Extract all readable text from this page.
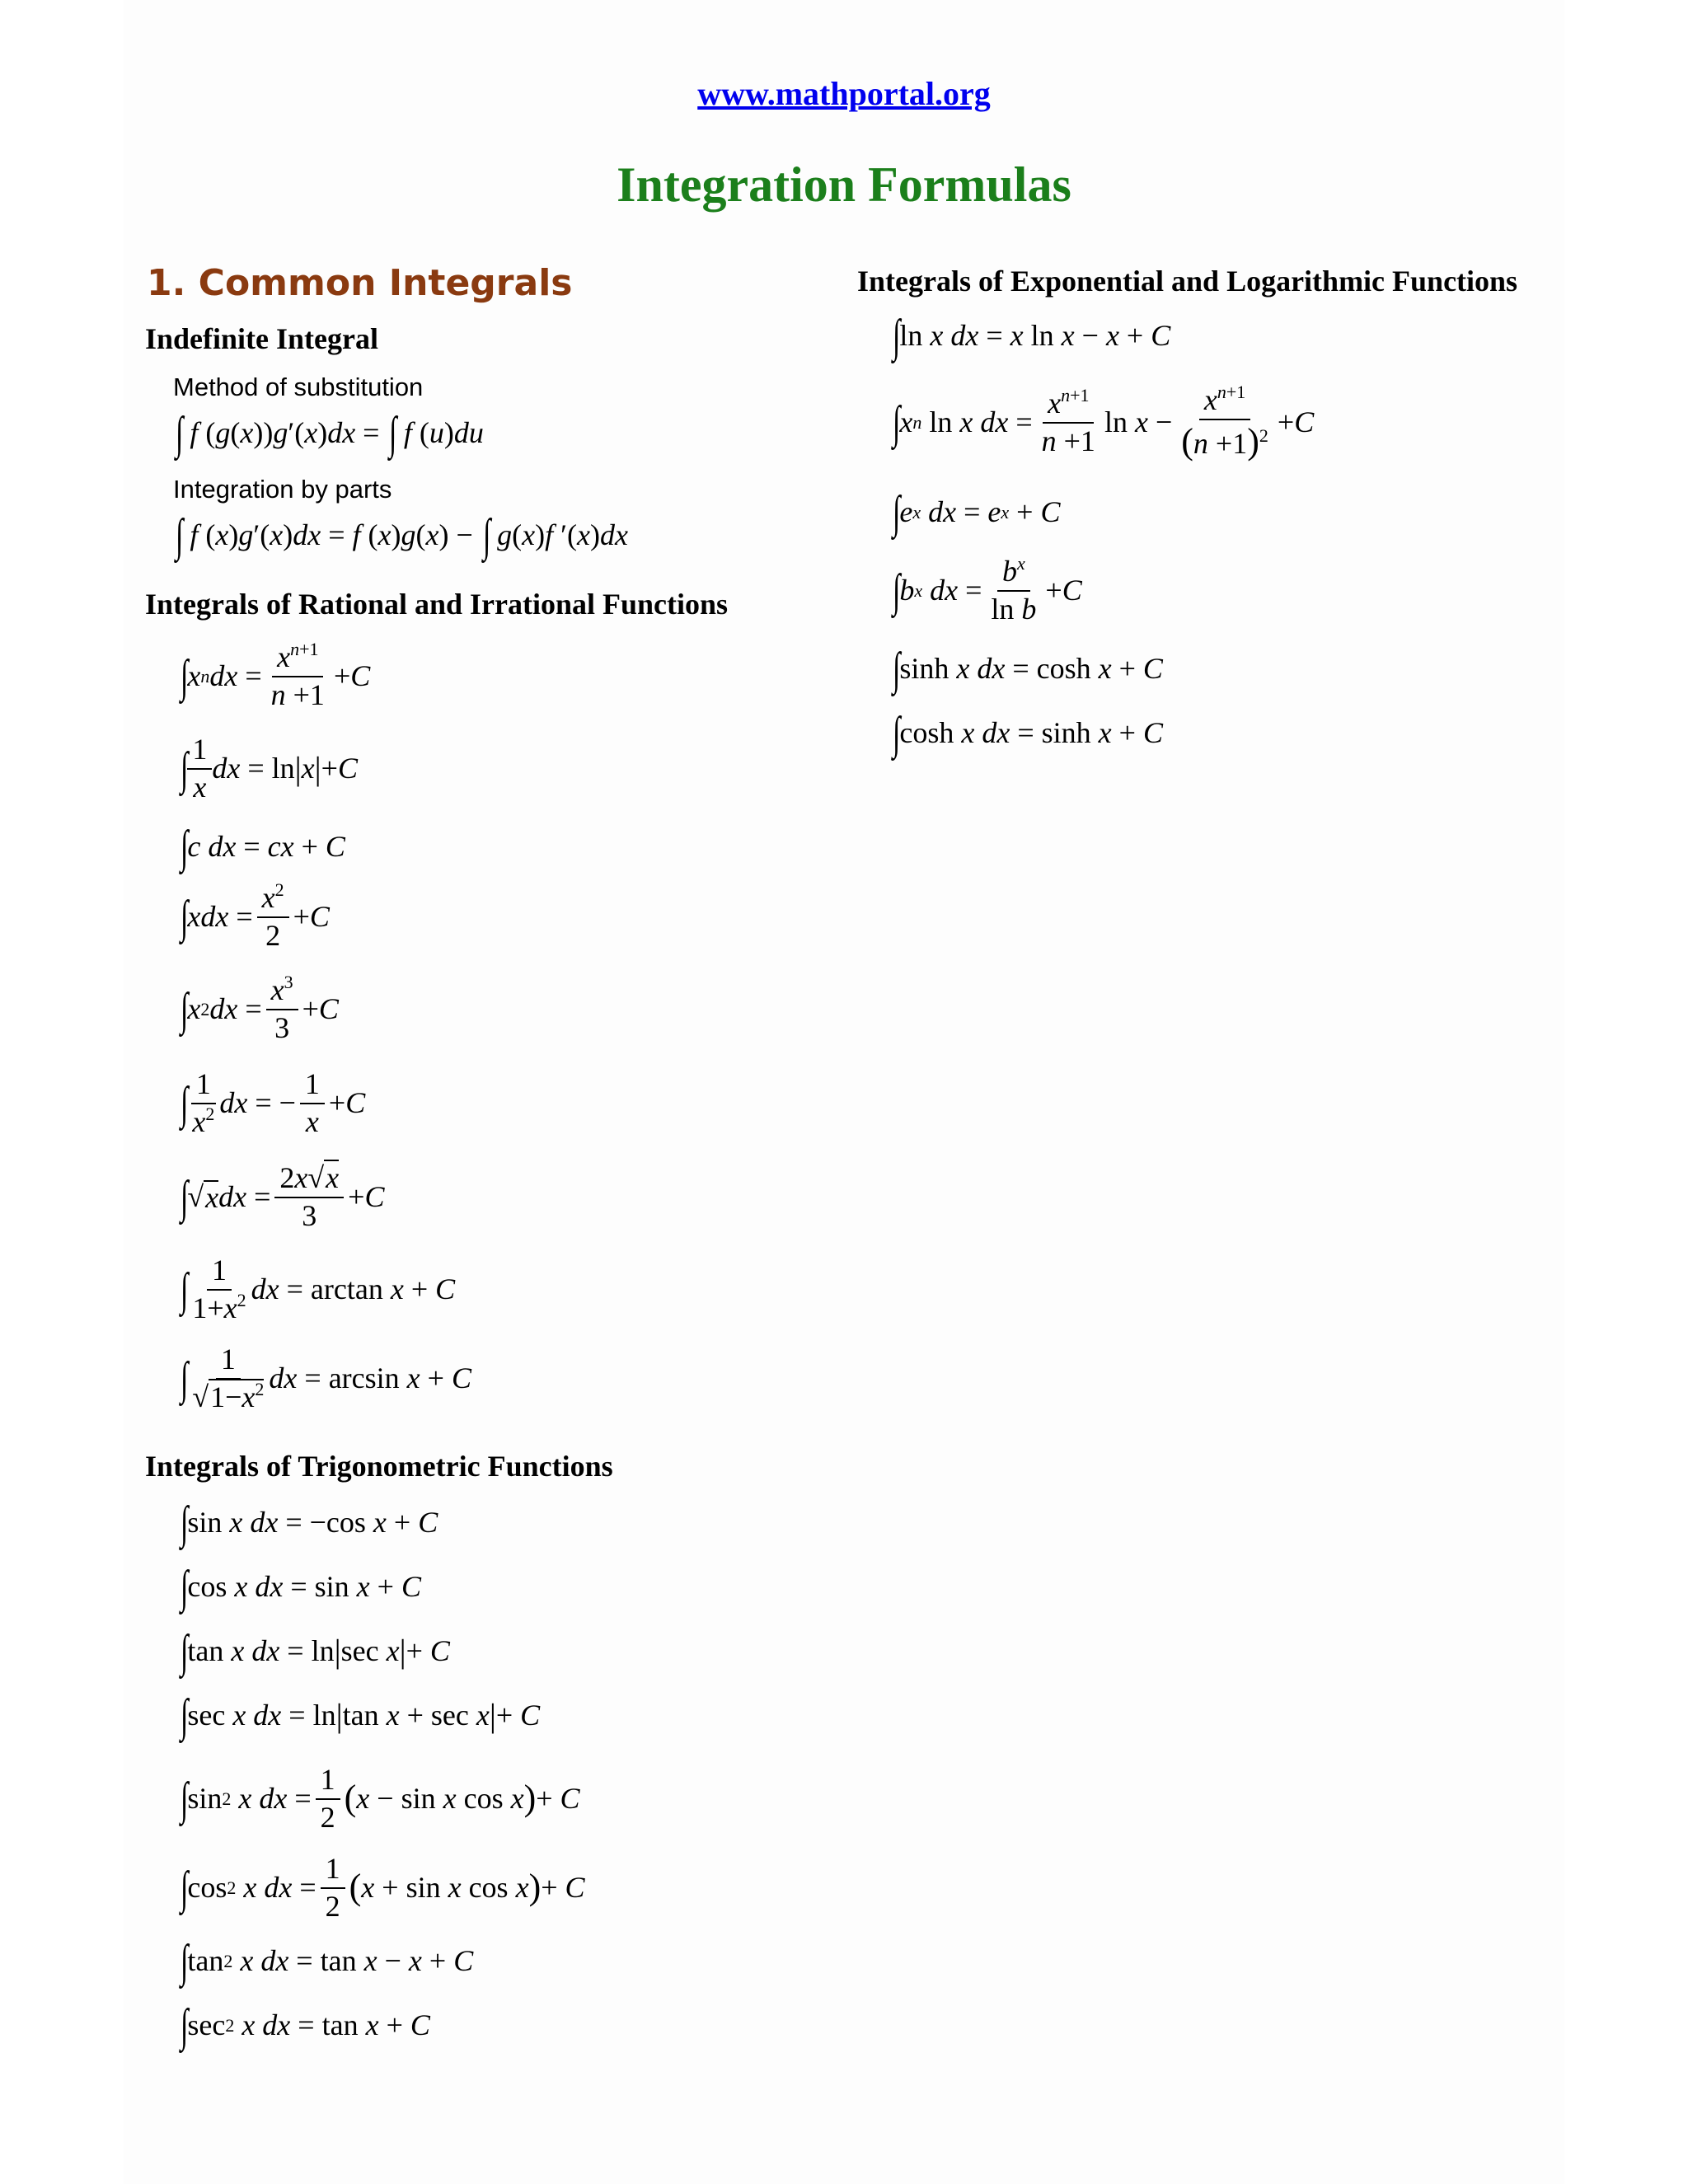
www.mathportal.org
Integration Formulas
1. Common Integrals
Indefinite Integral
Method of substitution
∫
f ( g ( x )) g ′( x ) dx = ∫
f ( u ) du
Integration by parts
∫
f ( x ) g ′( x ) dx = f ( x ) g ( x ) − ∫
g ( x ) f ′( x ) dx
Integrals of Rational and Irrational Functions
∫
x n dx = $\frac{x^{n+1}}{n +1} + C$
∫
$\frac{1}{x}$ dx = ln | x | + C
∫
c
dx = cx + C
∫
xdx = $\frac{x^2}{2} + C$
∫
x 2 dx = $\frac{x^3}{3} + C$
∫
$\frac{1}{x^2}$ dx = − $\frac{1}{x} + C$
∫
√ x dx = $\frac{2x√x}{3} + C$
∫
$\frac{1}{1+x^2}$ dx = arctan x + C
∫
$\frac{1}{√1-x^2}$ dx = arcsin x + C
Integrals of Trigonometric Functions
∫
sin x
dx = −cos x + C
∫
cos x
dx = sin x + C
∫
tan x
dx = ln | sec x | + C
∫
sec x
dx = ln | tan x + sec x | + C
∫
sin 2
x
dx = $\frac{1}{2}$ ( x − sin x cos x ) + C
∫
cos 2
x
dx = $\frac{1}{2}$ ( x + sin x cos x ) + C
∫
tan 2
x
dx = tan x − x + C
∫
sec 2
x
dx = tan x + C
Integrals of Exponential and Logarithmic Functions
∫
ln x
dx = x ln x − x + C
∫
x n ln x
dx = $\frac{x^{n+1}}{n +1}$ $\ln x - \frac{x^{n+1}}{(n +1)^2} + C$
∫
e x
dx = e x + C
∫
b x
dx = $\frac{b^x}{\text{ln b}} + C$
∫
sinh x
dx = cosh x + C
∫
cosh x
dx = sinh x + C
